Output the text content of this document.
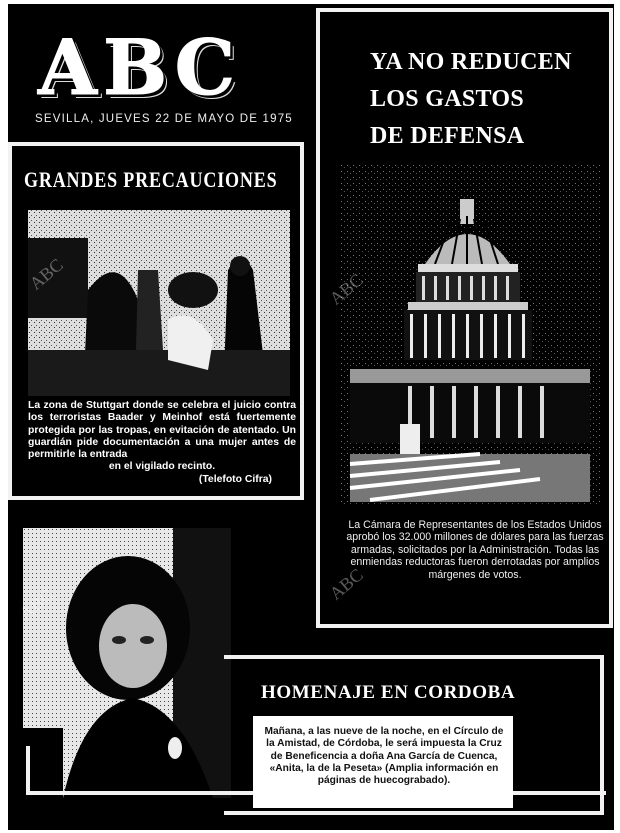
ABC
SEVILLA, JUEVES 22 DE MAYO DE 1975
YA NO REDUCEN
LOS GASTOS
DE DEFENSA
La Cámara de Representantes de los Estados Unidos aprobó los 32.000 millones de dólares para las fuerzas armadas, solicitados por la Administración. Todas las enmiendas reductoras fueron derrotadas por amplios márgenes de votos.
GRANDES PRECAUCIONES
La zona de Stuttgart donde se celebra el juicio contra los terroristas Baader y Meinhof está fuertemente protegida por las tropas, en evitación de atentado. Un guardián pide documentación a una mujer antes de permitirle la entrada
en el vigilado recinto.
(Telefoto Cifra)
HOMENAJE EN CORDOBA
Mañana, a las nueve de la noche, en el Círculo de la Amistad, de Córdoba, le será impuesta la Cruz de Beneficencia a doña Ana García de Cuenca, «Anita, la de la Peseta» (Amplia información en páginas de huecograbado).
ABC
ABC
ABC
ABC
